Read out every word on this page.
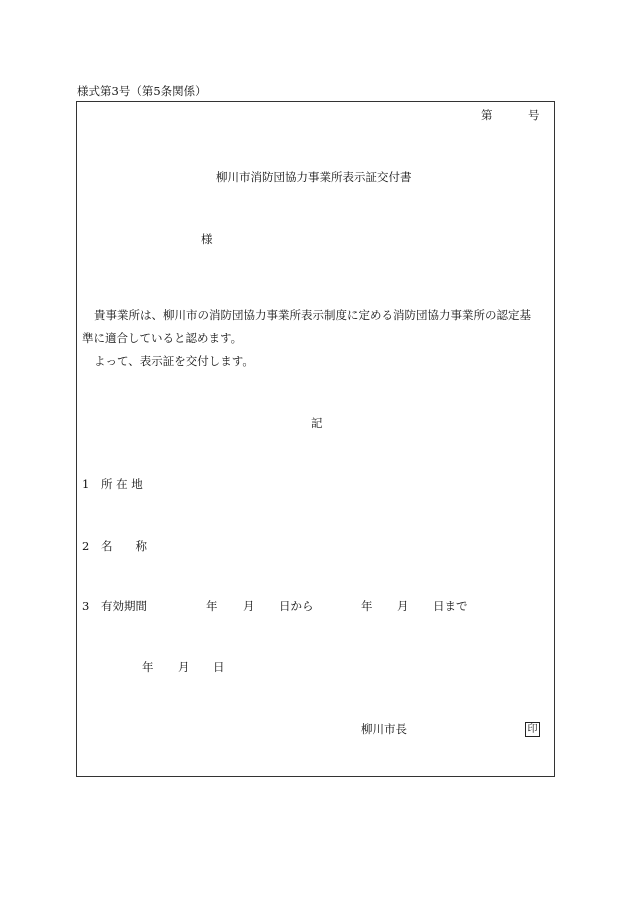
様式第3号（第5条関係）
第	号
柳川市消防団協力事業所表示証交付書
様
貴事業所は、柳川市の消防団協力事業所表示制度に定める消防団協力事業所の認定基
準に適合していると認めます。
よって、表示証を交付します。
記
1 所 在 地
2 名　　称
3 有効期間	年 月 日から	年 月 日まで
年 月 日
柳川市長	印
